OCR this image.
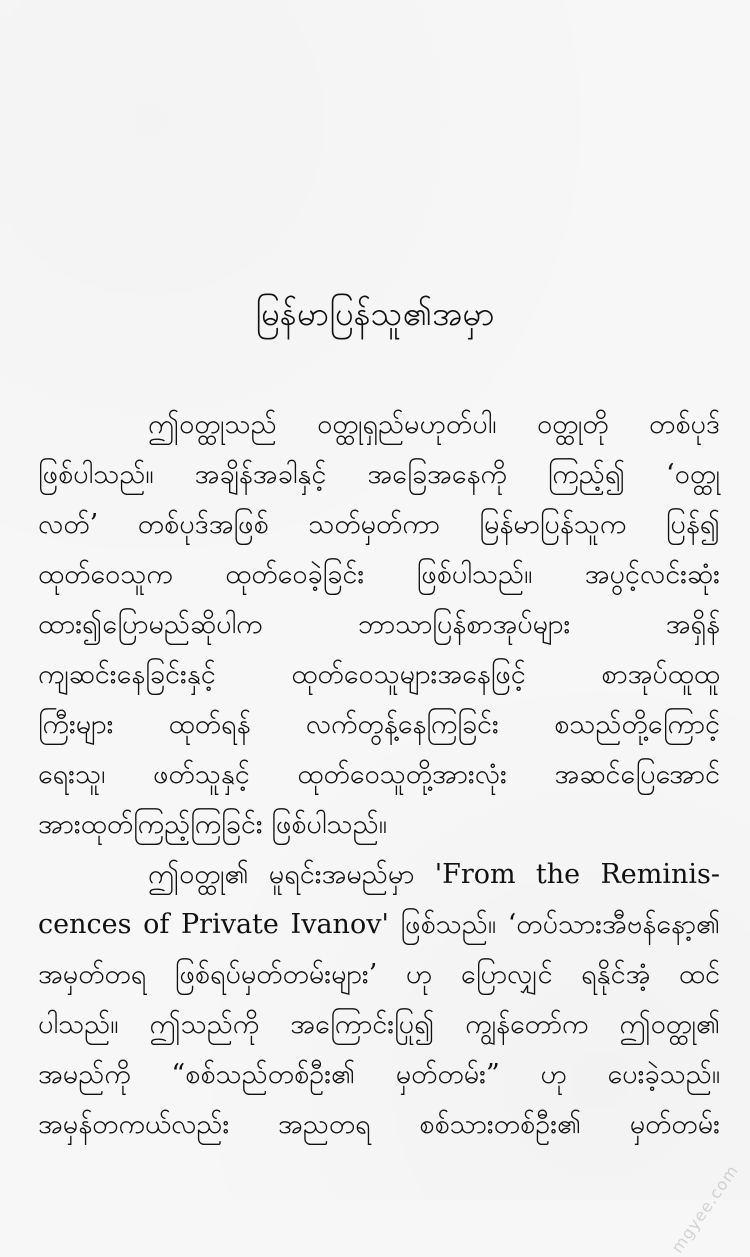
မြန်မာပြန်သူ၏အမှာ
ဤ၀တ္ထုသည် ၀တ္ထုရှည်မဟုတ်ပါ၊ ၀တ္ထုတို တစ်ပုဒ်
ဖြစ်ပါသည်။ အချိန်အခါနှင့် အခြေအနေကို ကြည့်၍ ‘၀တ္ထု
လတ်’ တစ်ပုဒ်အဖြစ် သတ်မှတ်ကာ မြန်မာပြန်သူက ပြန်၍
ထုတ်ဝေသူက ထုတ်ဝေခဲ့ခြင်း ဖြစ်ပါသည်။ အပွင့်လင်းဆုံး
ထား၍ပြောမည်ဆိုပါက ဘာသာပြန်စာအုပ်များ အရှိန်
ကျဆင်းနေခြင်းနှင့် ထုတ်ဝေသူများအနေဖြင့် စာအုပ်ထူထူ
ကြီးများ ထုတ်ရန် လက်တွန့်နေကြခြင်း စသည်တို့ကြောင့်
ရေးသူ၊ ဖတ်သူနှင့် ထုတ်ဝေသူတို့အားလုံး အဆင်ပြေအောင်
အားထုတ်ကြည့်ကြခြင်း ဖြစ်ပါသည်။
ဤ၀တ္ထု၏ မူရင်းအမည်မှာ 'From the Reminis-
cences of Private Ivanov' ဖြစ်သည်။ ‘တပ်သားအီဗန်နော့၏
အမှတ်တရ ဖြစ်ရပ်မှတ်တမ်းများ’ ဟု ပြောလျှင် ရနိုင်အံ့ ထင်
ပါသည်။ ဤသည်ကို အကြောင်းပြု၍ ကျွန်တော်က ဤ၀တ္ထု၏
အမည်ကို “စစ်သည်တစ်ဦး၏ မှတ်တမ်း” ဟု ပေးခဲ့သည်။
အမှန်တကယ်လည်း အညတရ စစ်သားတစ်ဦး၏ မှတ်တမ်း
mgyee.com
